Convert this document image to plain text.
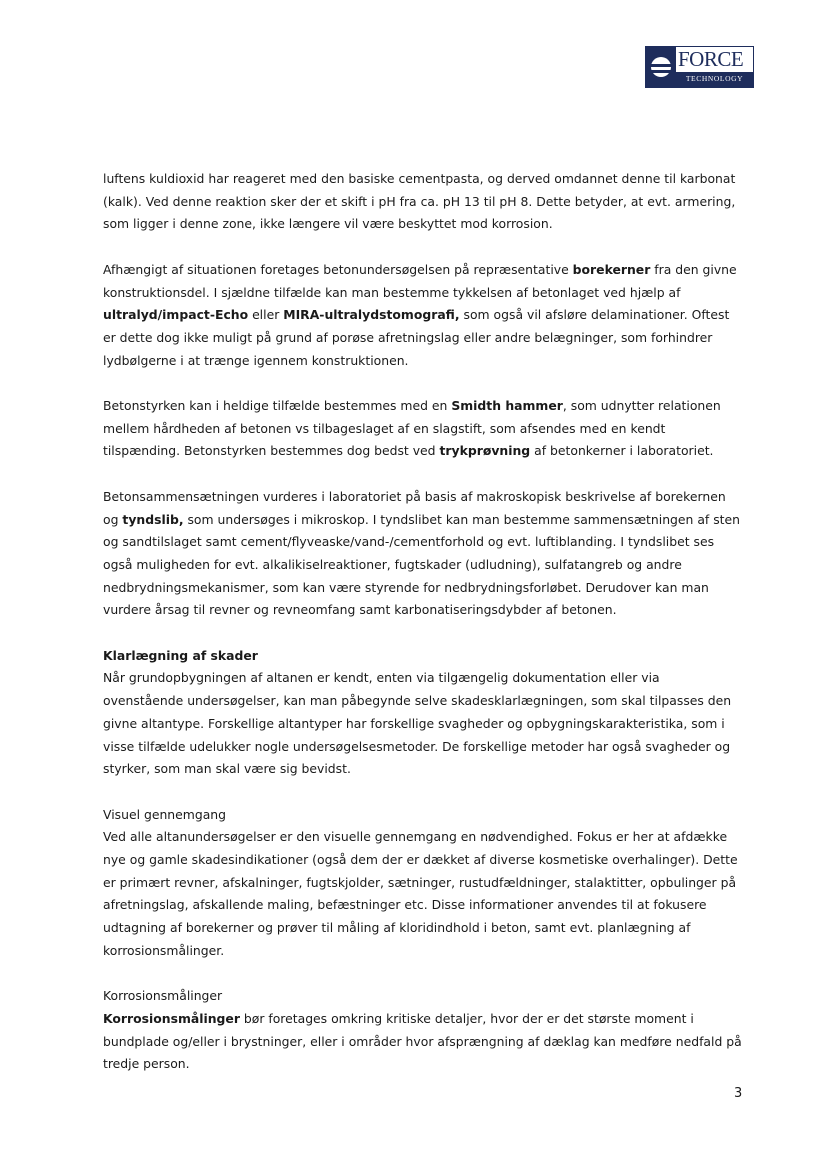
FORCE
TECHNOLOGY

luftens kuldioxid har reageret med den basiske cementpasta, og derved omdannet denne til karbonat (kalk). Ved denne reaktion sker der et skift i pH fra ca. pH 13 til pH 8. Dette betyder, at evt. armering, som ligger i denne zone, ikke længere vil være beskyttet mod korrosion.

Afhængigt af situationen foretages betonundersøgelsen på repræsentative borekerner fra den givne konstruktionsdel. I sjældne tilfælde kan man bestemme tykkelsen af betonlaget ved hjælp af ultralyd/impact-Echo eller MIRA-ultralydstomografi, som også vil afsløre delaminationer. Oftest er dette dog ikke muligt på grund af porøse afretningslag eller andre belægninger, som forhindrer lydbølgerne i at trænge igennem konstruktionen.

Betonstyrken kan i heldige tilfælde bestemmes med en Smidth hammer, som udnytter relationen mellem hårdheden af betonen vs tilbageslaget af en slagstift, som afsendes med en kendt tilspænding. Betonstyrken bestemmes dog bedst ved trykprøvning af betonkerner i laboratoriet.

Betonsammensætningen vurderes i laboratoriet på basis af makroskopisk beskrivelse af borekernen og tyndslib, som undersøges i mikroskop. I tyndslibet kan man bestemme sammensætningen af sten og sandtilslaget samt cement/flyveaske/vand-/cementforhold og evt. luftiblanding. I tyndslibet ses også muligheden for evt. alkalikiselreaktioner, fugtskader (udludning), sulfatangreb og andre nedbrydningsmekanismer, som kan være styrende for nedbrydningsforløbet. Derudover kan man vurdere årsag til revner og revneomfang samt karbonatiseringsdybder af betonen.

Klarlægning af skader

Når grundopbygningen af altanen er kendt, enten via tilgængelig dokumentation eller via ovenstående undersøgelser, kan man påbegynde selve skadesklarlægningen, som skal tilpasses den givne altantype. Forskellige altantyper har forskellige svagheder og opbygningskarakteristika, som i visse tilfælde udelukker nogle undersøgelsesmetoder. De forskellige metoder har også svagheder og styrker, som man skal være sig bevidst.

Visuel gennemgang

Ved alle altanundersøgelser er den visuelle gennemgang en nødvendighed. Fokus er her at afdække nye og gamle skadesindikationer (også dem der er dækket af diverse kosmetiske overhalinger). Dette er primært revner, afskalninger, fugtskjolder, sætninger, rustudfældninger, stalaktitter, opbulinger på afretningslag, afskallende maling, befæstninger etc. Disse informationer anvendes til at fokusere udtagning af borekerner og prøver til måling af kloridindhold i beton, samt evt. planlægning af korrosionsmålinger.

Korrosionsmålinger

Korrosionsmålinger bør foretages omkring kritiske detaljer, hvor der er det største moment i bundplade og/eller i brystninger, eller i områder hvor afsprængning af dæklag kan medføre nedfald på tredje person.

3
